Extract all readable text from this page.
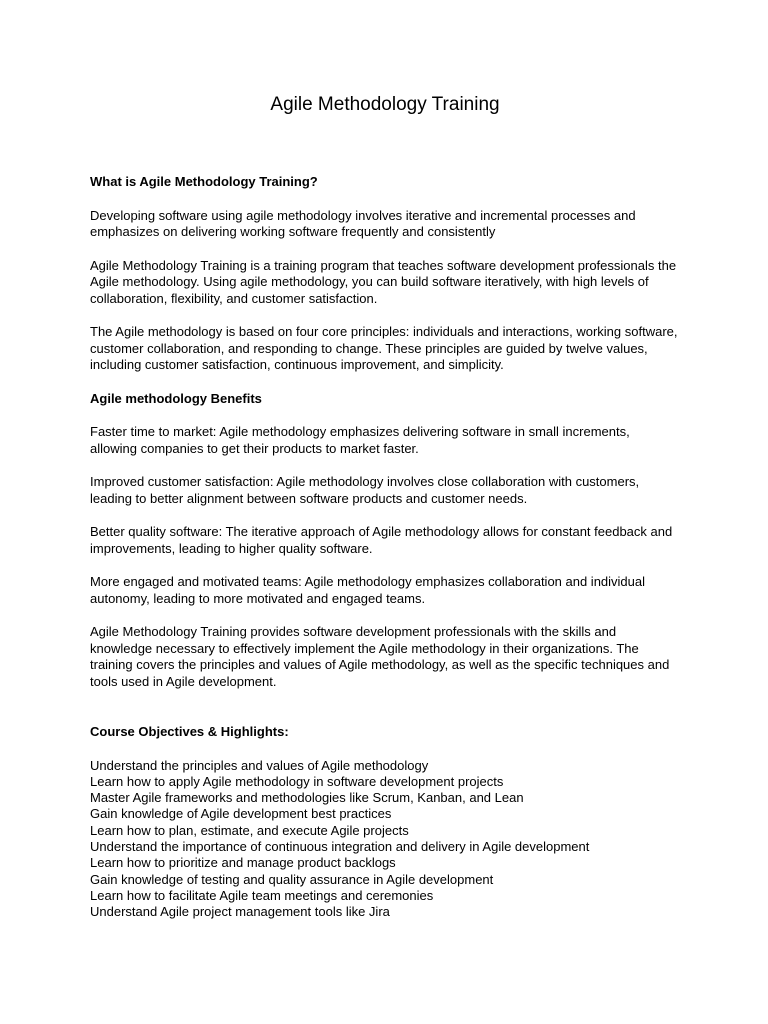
Agile Methodology Training
What is Agile Methodology Training?

Developing software using agile methodology involves iterative and incremental processes and emphasizes on delivering working software frequently and consistently

Agile Methodology Training is a training program that teaches software development professionals the Agile methodology. Using agile methodology, you can build software iteratively, with high levels of collaboration, flexibility, and customer satisfaction.

The Agile methodology is based on four core principles: individuals and interactions, working software, customer collaboration, and responding to change. These principles are guided by twelve values, including customer satisfaction, continuous improvement, and simplicity.

Agile methodology Benefits

Faster time to market: Agile methodology emphasizes delivering software in small increments, allowing companies to get their products to market faster.

Improved customer satisfaction: Agile methodology involves close collaboration with customers, leading to better alignment between software products and customer needs.

Better quality software: The iterative approach of Agile methodology allows for constant feedback and improvements, leading to higher quality software.

More engaged and motivated teams: Agile methodology emphasizes collaboration and individual autonomy, leading to more motivated and engaged teams.

Agile Methodology Training provides software development professionals with the skills and knowledge necessary to effectively implement the Agile methodology in their organizations. The training covers the principles and values of Agile methodology, as well as the specific techniques and tools used in Agile development.

Course Objectives & Highlights:
Understand the principles and values of Agile methodology
Learn how to apply Agile methodology in software development projects
Master Agile frameworks and methodologies like Scrum, Kanban, and Lean
Gain knowledge of Agile development best practices
Learn how to plan, estimate, and execute Agile projects
Understand the importance of continuous integration and delivery in Agile development
Learn how to prioritize and manage product backlogs
Gain knowledge of testing and quality assurance in Agile development
Learn how to facilitate Agile team meetings and ceremonies
Understand Agile project management tools like Jira
